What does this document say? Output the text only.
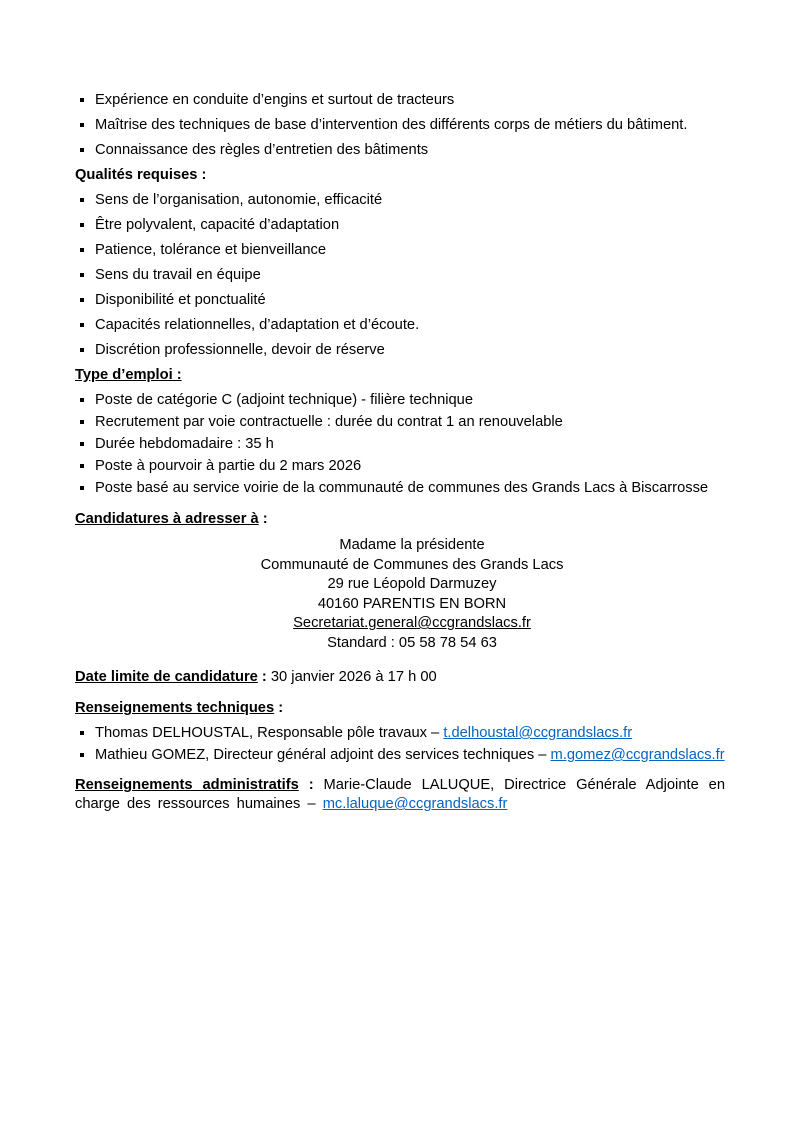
Expérience en conduite d’engins et surtout de tracteurs
Maîtrise des techniques de base d’intervention des différents corps de métiers du bâtiment.
Connaissance des règles d’entretien des bâtiments
Qualités requises :
Sens de l’organisation, autonomie, efficacité
Être polyvalent, capacité d’adaptation
Patience, tolérance et bienveillance
Sens du travail en équipe
Disponibilité et ponctualité
Capacités relationnelles, d’adaptation et d’écoute.
Discrétion professionnelle, devoir de réserve
Type d’emploi :
Poste de catégorie C (adjoint technique) - filière technique
Recrutement par voie contractuelle : durée du contrat 1 an renouvelable
Durée hebdomadaire : 35 h
Poste à pourvoir à partie du 2 mars 2026
Poste basé au service voirie de la communauté de communes des Grands Lacs à Biscarrosse
Candidatures à adresser à :
Madame la présidente
Communauté de Communes des Grands Lacs
29 rue Léopold Darmuzey
40160 PARENTIS EN BORN
Secretariat.general@ccgrandslacs.fr
Standard : 05 58 78 54 63

Date limite de candidature : 30 janvier 2026 à 17 h 00

Renseignements techniques :
Thomas DELHOUSTAL, Responsable pôle travaux – t.delhoustal@ccgrandslacs.fr
Mathieu GOMEZ, Directeur général adjoint des services techniques – m.gomez@ccgrandslacs.fr

Renseignements administratifs : Marie-Claude LALUQUE, Directrice Générale Adjointe en charge des ressources humaines – mc.laluque@ccgrandslacs.fr
